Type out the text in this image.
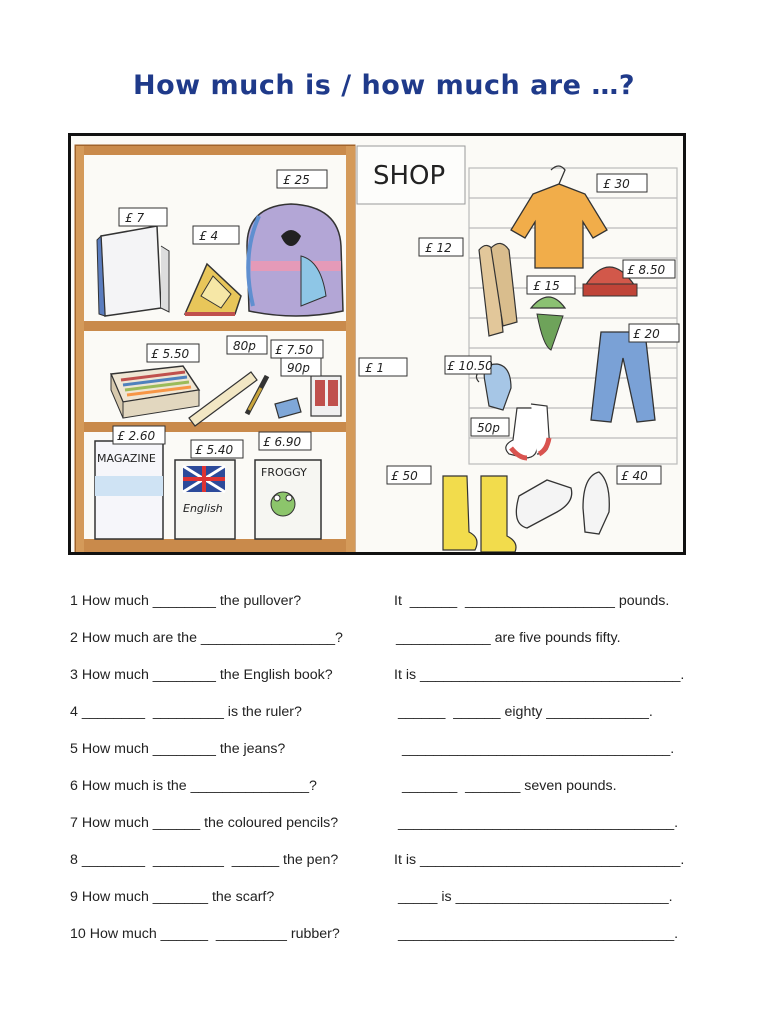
How much is / how much are …?
SHOP
MAGAZINE
English
FROGGY
£ 7
£ 4
£ 25	£ 30
£ 12
£ 8.50
£ 15
£ 20
£ 5.50
80p £ 7.50
90p	£ 1	£ 10.50
50p
£ 2.60
£ 5.40
£ 6.90
£ 50	£ 40
1 How much ________ the pullover?	It  ______  ___________________ pounds.
2 How much are the _________________?	____________ are five pounds fifty.
3 How much ________ the English book?	It is _________________________________.
4 ________  _________ is the ruler?	______  ______ eighty _____________.
5 How much ________ the jeans?	__________________________________.
6 How much is the _______________?	_______  _______ seven pounds.
7 How much ______ the coloured pencils?	___________________________________.
8 ________  _________  ______ the pen?	It is _________________________________.
9 How much _______ the scarf?	_____ is ___________________________.
10 How much ______  _________ rubber?	___________________________________.
